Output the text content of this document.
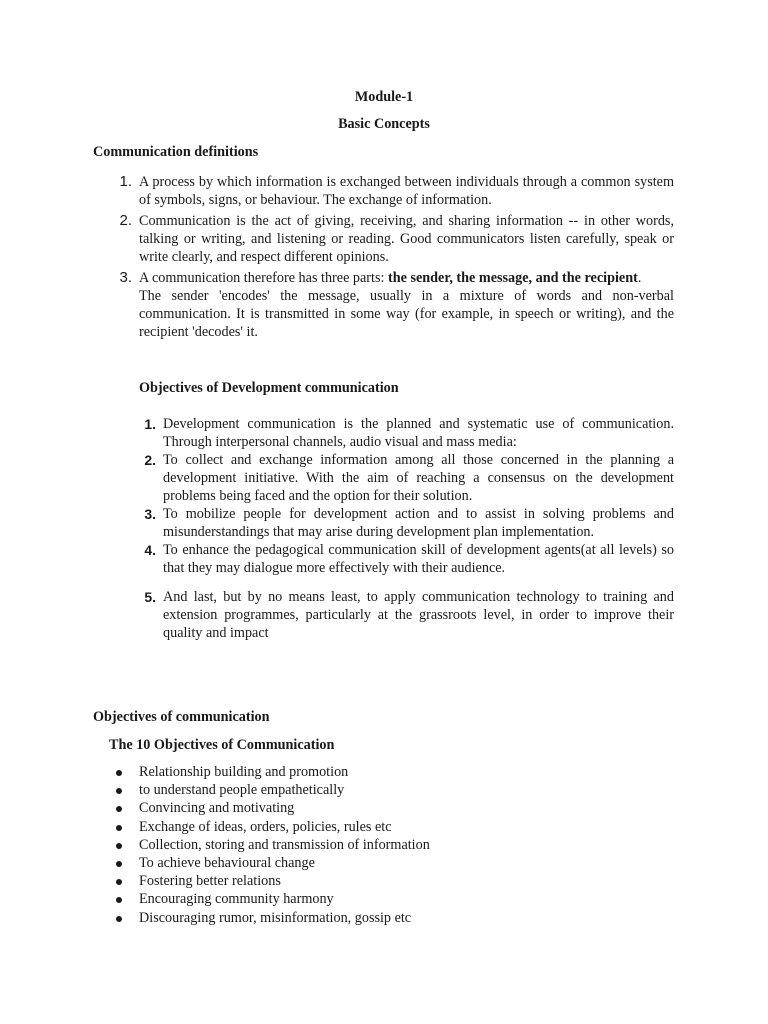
Module-1
Basic Concepts
Communication definitions
1. A process by which information is exchanged between individuals through a common system of symbols, signs, or behaviour. The exchange of information.
2. Communication is the act of giving, receiving, and sharing information -- in other words, talking or writing, and listening or reading. Good communicators listen carefully, speak or write clearly, and respect different opinions.
3. A communication therefore has three parts: the sender, the message, and the recipient.
The sender 'encodes' the message, usually in a mixture of words and non-verbal communication. It is transmitted in some way (for example, in speech or writing), and the recipient 'decodes' it.
Objectives of Development communication
1. Development communication is the planned and systematic use of communication. Through interpersonal channels, audio visual and mass media:
2. To collect and exchange information among all those concerned in the planning a development initiative. With the aim of reaching a consensus on the development problems being faced and the option for their solution.
3. To mobilize people for development action and to assist in solving problems and misunderstandings that may arise during development plan implementation.
4. To enhance the pedagogical communication skill of development agents(at all levels) so that they may dialogue more effectively with their audience.
5. And last, but by no means least, to apply communication technology to training and extension programmes, particularly at the grassroots level, in order to improve their quality and impact
Objectives of communication
The 10 Objectives of Communication
Relationship building and promotion
to understand people empathetically
Convincing and motivating
Exchange of ideas, orders, policies, rules etc
Collection, storing and transmission of information
To achieve behavioural change
Fostering better relations
Encouraging community harmony
Discouraging rumor, misinformation, gossip etc
